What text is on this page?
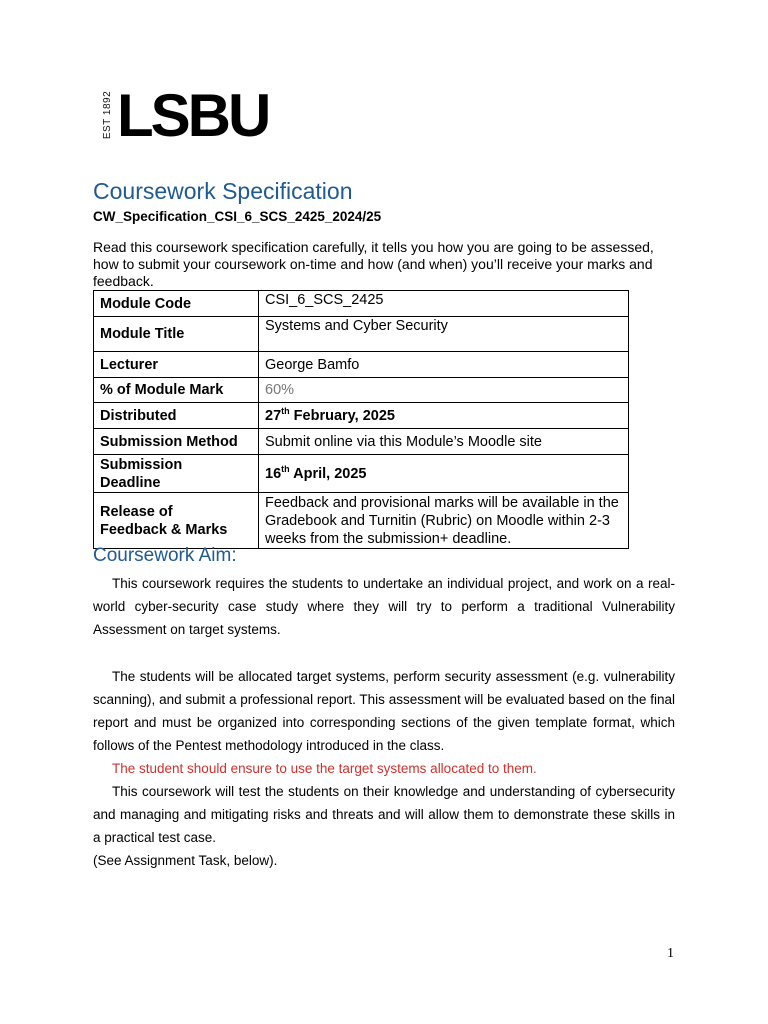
EST 1892 LSBU
Coursework Specification
CW_Specification_CSI_6_SCS_2425_2024/25
Read this coursework specification carefully, it tells you how you are going to be assessed, how to submit your coursework on-time and how (and when) you’ll receive your marks and feedback.
Module Code	CSI_6_SCS_2425
Module Title	Systems and Cyber Security
Lecturer	George Bamfo
% of Module Mark	60%
Distributed	27th February, 2025
Submission Method	Submit online via this Module’s Moodle site
Submission
Deadline	16th April, 2025
Release of
Feedback & Marks	Feedback and provisional marks will be available in the Gradebook and Turnitin (Rubric) on Moodle within 2-3 weeks from the submission+ deadline.
Coursework Aim:

This coursework requires the students to undertake an individual project, and work on a real-world cyber-security case study where they will try to perform a traditional Vulnerability Assessment on target systems.

The students will be allocated target systems, perform security assessment (e.g. vulnerability scanning), and submit a professional report. This assessment will be evaluated based on the final report and must be organized into corresponding sections of the given template format, which follows of the Pentest methodology introduced in the class.

The student should ensure to use the target systems allocated to them.

This coursework will test the students on their knowledge and understanding of cybersecurity and managing and mitigating risks and threats and will allow them to demonstrate these skills in a practical test case.

(See Assignment Task, below).

1
